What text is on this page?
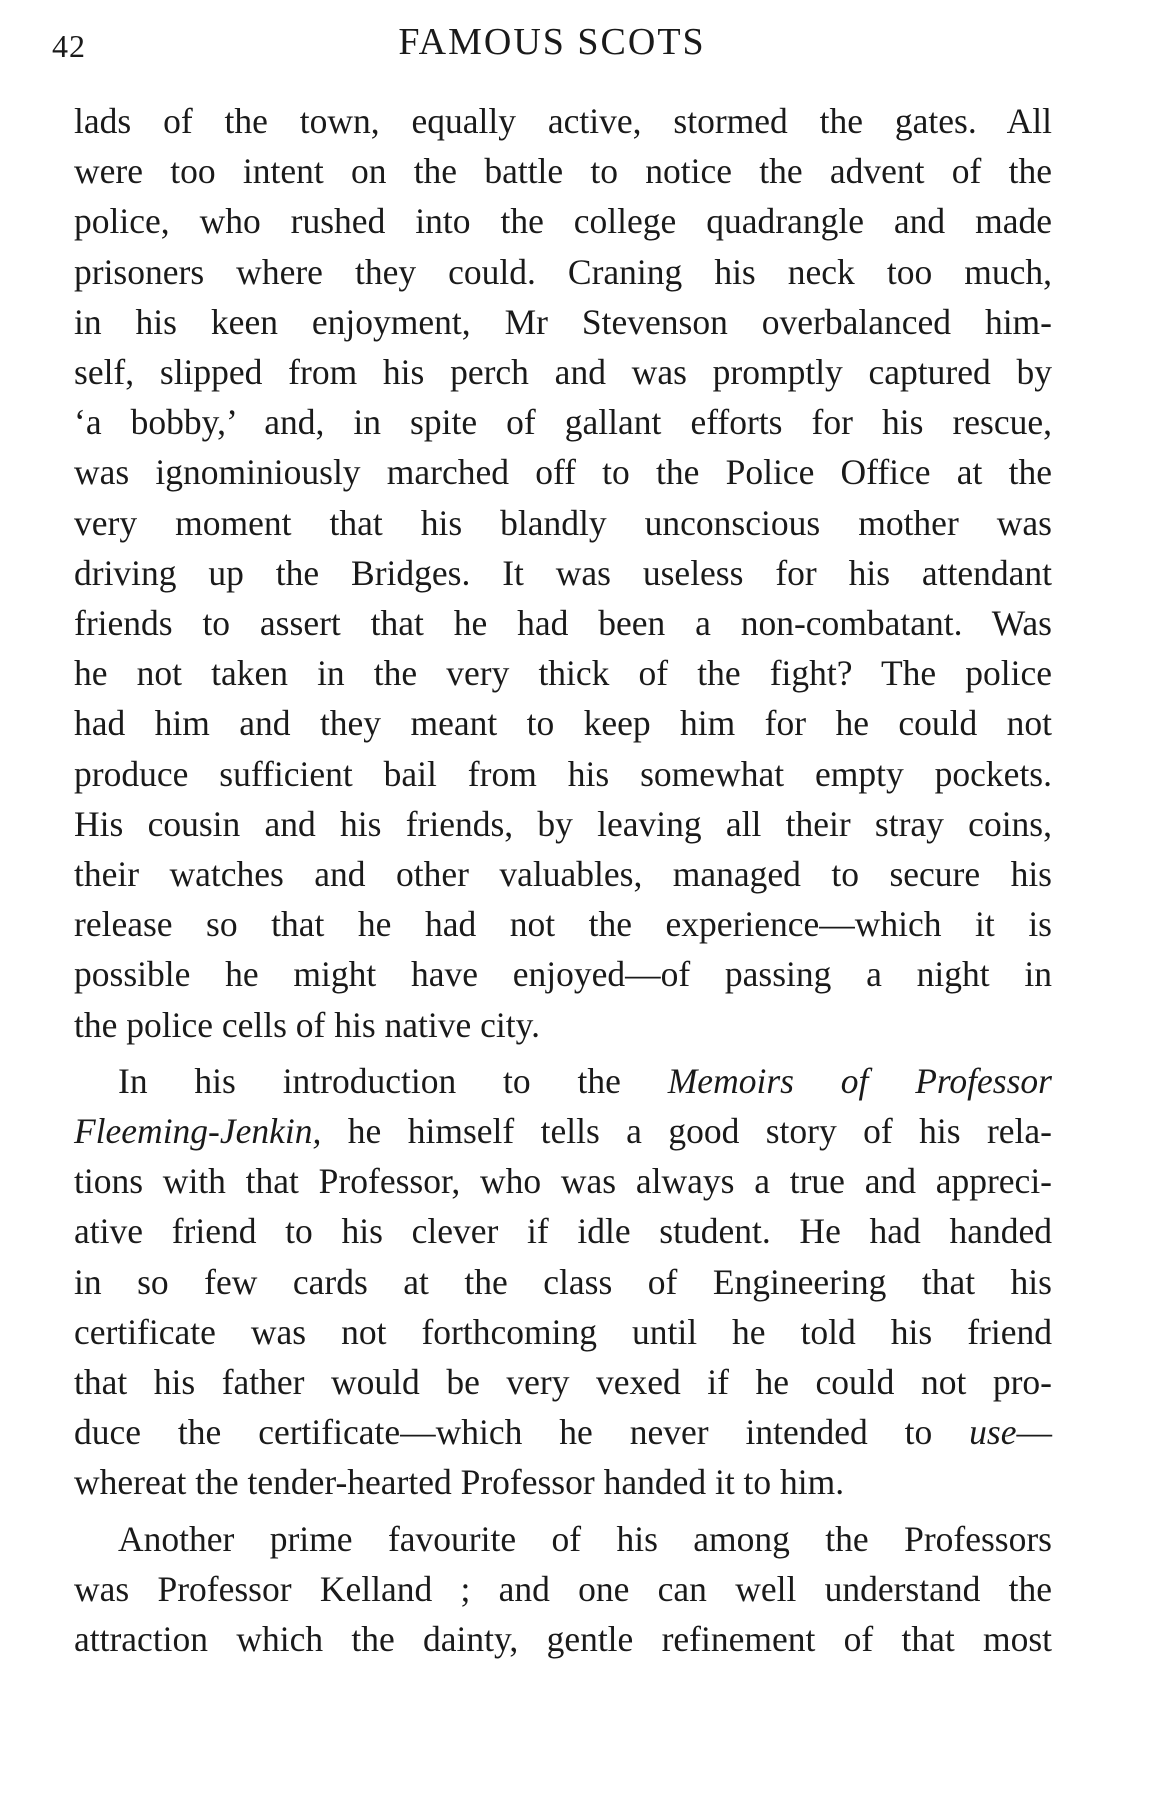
42	FAMOUS SCOTS

lads of the town, equally active, stormed the gates. All
were too intent on the battle to notice the advent of the
police, who rushed into the college quadrangle and made
prisoners where they could. Craning his neck too much,
in his keen enjoyment, Mr Stevenson overbalanced him-
self, slipped from his perch and was promptly captured by
‘a bobby,’ and, in spite of gallant efforts for his rescue,
was ignominiously marched off to the Police Office at the
very moment that his blandly unconscious mother was
driving up the Bridges. It was useless for his attendant
friends to assert that he had been a non-combatant. Was
he not taken in the very thick of the fight? The police
had him and they meant to keep him for he could not
produce sufficient bail from his somewhat empty pockets.
His cousin and his friends, by leaving all their stray coins,
their watches and other valuables, managed to secure his
release so that he had not the experience—which it is
possible he might have enjoyed—of passing a night in
the police cells of his native city.

In his introduction to the Memoirs of Professor
Fleeming-Jenkin, he himself tells a good story of his rela-
tions with that Professor, who was always a true and appreci-
ative friend to his clever if idle student. He had handed
in so few cards at the class of Engineering that his
certificate was not forthcoming until he told his friend
that his father would be very vexed if he could not pro-
duce the certificate—which he never intended to use—
whereat the tender-hearted Professor handed it to him.

Another prime favourite of his among the Professors
was Professor Kelland ; and one can well understand the
attraction which the dainty, gentle refinement of that most
